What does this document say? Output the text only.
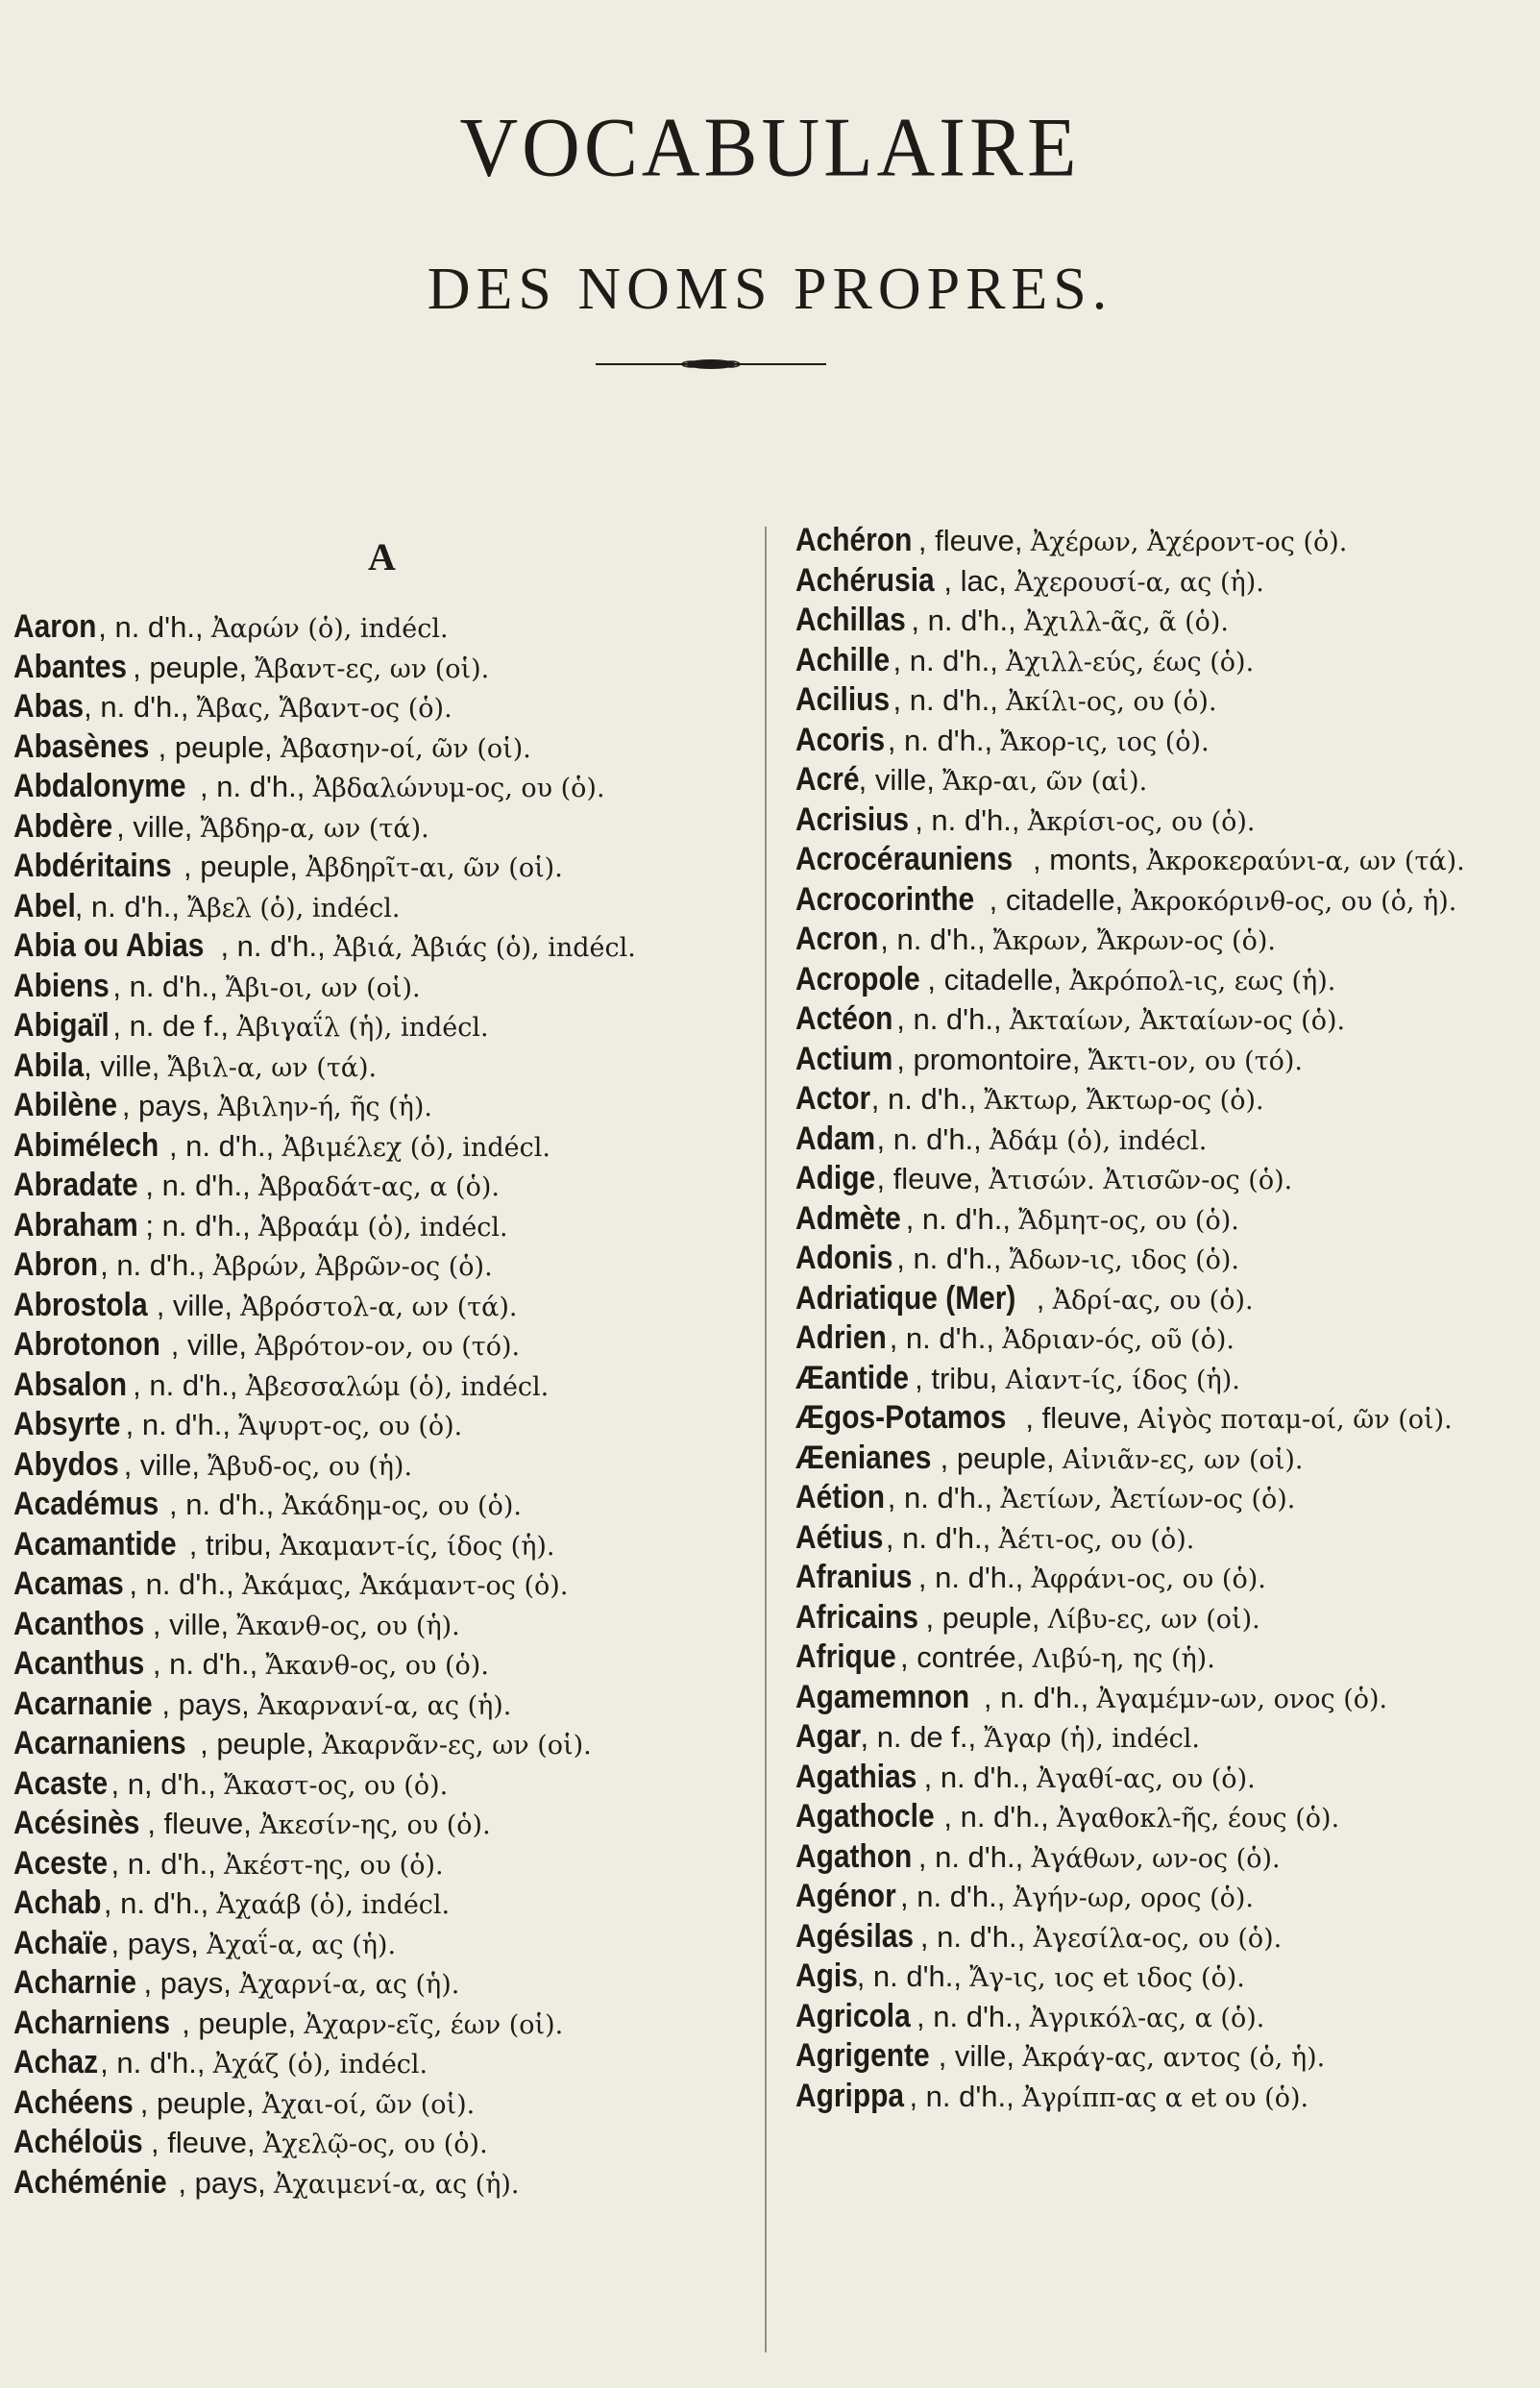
VOCABULAIRE
DES NOMS PROPRES.
A
Aaron, n. d'h., Ἀαρών (ὁ), indécl.
Abantes , peuple, Ἄβαντ-ες, ων (οἱ).
Abas, n. d'h., Ἄβας, Ἄβαντ-ος (ὁ).
Abasènes , peuple, Ἀβασην-οί, ῶν (οἱ).
Abdalonyme , n. d'h., Ἀβδαλώνυμ-ος, ου (ὁ).
Abdère , ville, Ἄβδηρ-α, ων (τά).
Abdéritains , peuple, Ἀβδηρῖτ-αι, ῶν (οἱ).
Abel, n. d'h., Ἄβελ (ὁ), indécl.
Abia ou Abias , n. d'h., Ἀβιά, Ἀβιάς (ὁ), indécl.
Abiens , n. d'h., Ἄβι-οι, ων (οἱ).
Abigaïl , n. de f., Ἀβιγαΐλ (ἡ), indécl.
Abila, ville, Ἄβιλ-α, ων (τά).
Abilène , pays, Ἀβιλην-ή, ῆς (ἡ).
Abimélech , n. d'h., Ἀβιμέλεχ (ὁ), indécl.
Abradate , n. d'h., Ἀβραδάτ-ας, α (ὁ).
Abraham ; n. d'h., Ἀβραάμ (ὁ), indécl.
Abron, n. d'h., Ἀβρών, Ἀβρῶν-ος (ὁ).
Abrostola , ville, Ἀβρόστολ-α, ων (τά).
Abrotonon , ville, Ἀβρότον-ον, ου (τό).
Absalon , n. d'h., Ἀβεσσαλώμ (ὁ), indécl.
Absyrte , n. d'h., Ἄψυρτ-ος, ου (ὁ).
Abydos , ville, Ἄβυδ-ος, ου (ἡ).
Académus , n. d'h., Ἀκάδημ-ος, ου (ὁ).
Acamantide , tribu, Ἀκαμαντ-ίς, ίδος (ἡ).
Acamas , n. d'h., Ἀκάμας, Ἀκάμαντ-ος (ὁ).
Acanthos , ville, Ἄκανθ-ος, ου (ἡ).
Acanthus , n. d'h., Ἄκανθ-ος, ου (ὁ).
Acarnanie , pays, Ἀκαρνανί-α, ας (ἡ).
Acarnaniens , peuple, Ἀκαρνᾶν-ες, ων (οἱ).
Acaste , n, d'h., Ἄκαστ-ος, ου (ὁ).
Acésinès , fleuve, Ἀκεσίν-ης, ου (ὁ).
Aceste , n. d'h., Ἀκέστ-ης, ου (ὁ).
Achab, n. d'h., Ἀχαάβ (ὁ), indécl.
Achaïe , pays, Ἀχαΐ-α, ας (ἡ).
Acharnie , pays, Ἀχαρνί-α, ας (ἡ).
Acharniens , peuple, Ἀχαρν-εῖς, έων (οἱ).
Achaz, n. d'h., Ἀχάζ (ὁ), indécl.
Achéens , peuple, Ἀχαι-οί, ῶν (οἱ).
Achéloüs , fleuve, Ἀχελῷ-ος, ου (ὁ).
Achéménie , pays, Ἀχαιμενί-α, ας (ἡ).
Achéron , fleuve, Ἀχέρων, Ἀχέροντ-ος (ὁ).
Achérusia , lac, Ἀχερουσί-α, ας (ἡ).
Achillas , n. d'h., Ἀχιλλ-ᾶς, ᾶ (ὁ).
Achille , n. d'h., Ἀχιλλ-εύς, έως (ὁ).
Acilius , n. d'h., Ἀκίλι-ος, ου (ὁ).
Acoris, n. d'h., Ἄκορ-ις, ιος (ὁ).
Acré, ville, Ἄκρ-αι, ῶν (αἱ).
Acrisius , n. d'h., Ἀκρίσι-ος, ου (ὁ).
Acrocérauniens , monts, Ἀκροκεραύνι-α, ων (τά).
Acrocorinthe , citadelle, Ἀκροκόρινθ-ος, ου (ὁ, ἡ).
Acron, n. d'h., Ἄκρων, Ἄκρων-ος (ὁ).
Acropole , citadelle, Ἀκρόπολ-ις, εως (ἡ).
Actéon , n. d'h., Ἀκταίων, Ἀκταίων-ος (ὁ).
Actium , promontoire, Ἄκτι-ον, ου (τό).
Actor, n. d'h., Ἄκτωρ, Ἄκτωρ-ος (ὁ).
Adam, n. d'h., Ἀδάμ (ὁ), indécl.
Adige, fleuve, Ἀτισών. Ἀτισῶν-ος (ὁ).
Admète , n. d'h., Ἄδμητ-ος, ου (ὁ).
Adonis , n. d'h., Ἄδων-ις, ιδος (ὁ).
Adriatique (Mer) , Ἀδρί-ας, ου (ὁ).
Adrien, n. d'h., Ἀδριαν-ός, οῦ (ὁ).
Æantide , tribu, Αἰαντ-ίς, ίδος (ἡ).
Ægos-Potamos , fleuve, Αἰγὸς ποταμ-οί, ῶν (οἱ).
Æenianes , peuple, Αἰνιᾶν-ες, ων (οἱ).
Aétion, n. d'h., Ἀετίων, Ἀετίων-ος (ὁ).
Aétius, n. d'h., Ἀέτι-ος, ου (ὁ).
Afranius , n. d'h., Ἀφράνι-ος, ου (ὁ).
Africains , peuple, Λίβυ-ες, ων (οἱ).
Afrique , contrée, Λιβύ-η, ης (ἡ).
Agamemnon , n. d'h., Ἀγαμέμν-ων, ονος (ὁ).
Agar, n. de f., Ἄγαρ (ἡ), indécl.
Agathias , n. d'h., Ἀγαθί-ας, ου (ὁ).
Agathocle , n. d'h., Ἀγαθοκλ-ῆς, έους (ὁ).
Agathon , n. d'h., Ἀγάθων, ων-ος (ὁ).
Agénor , n. d'h., Ἀγήν-ωρ, ορος (ὁ).
Agésilas , n. d'h., Ἀγεσίλα-ος, ου (ὁ).
Agis, n. d'h., Ἄγ-ις, ιος et ιδος (ὁ).
Agricola , n. d'h., Ἀγρικόλ-ας, α (ὁ).
Agrigente , ville, Ἀκράγ-ας, αντος (ὁ, ἡ).
Agrippa , n. d'h., Ἀγρίππ-ας α et ου (ὁ).
